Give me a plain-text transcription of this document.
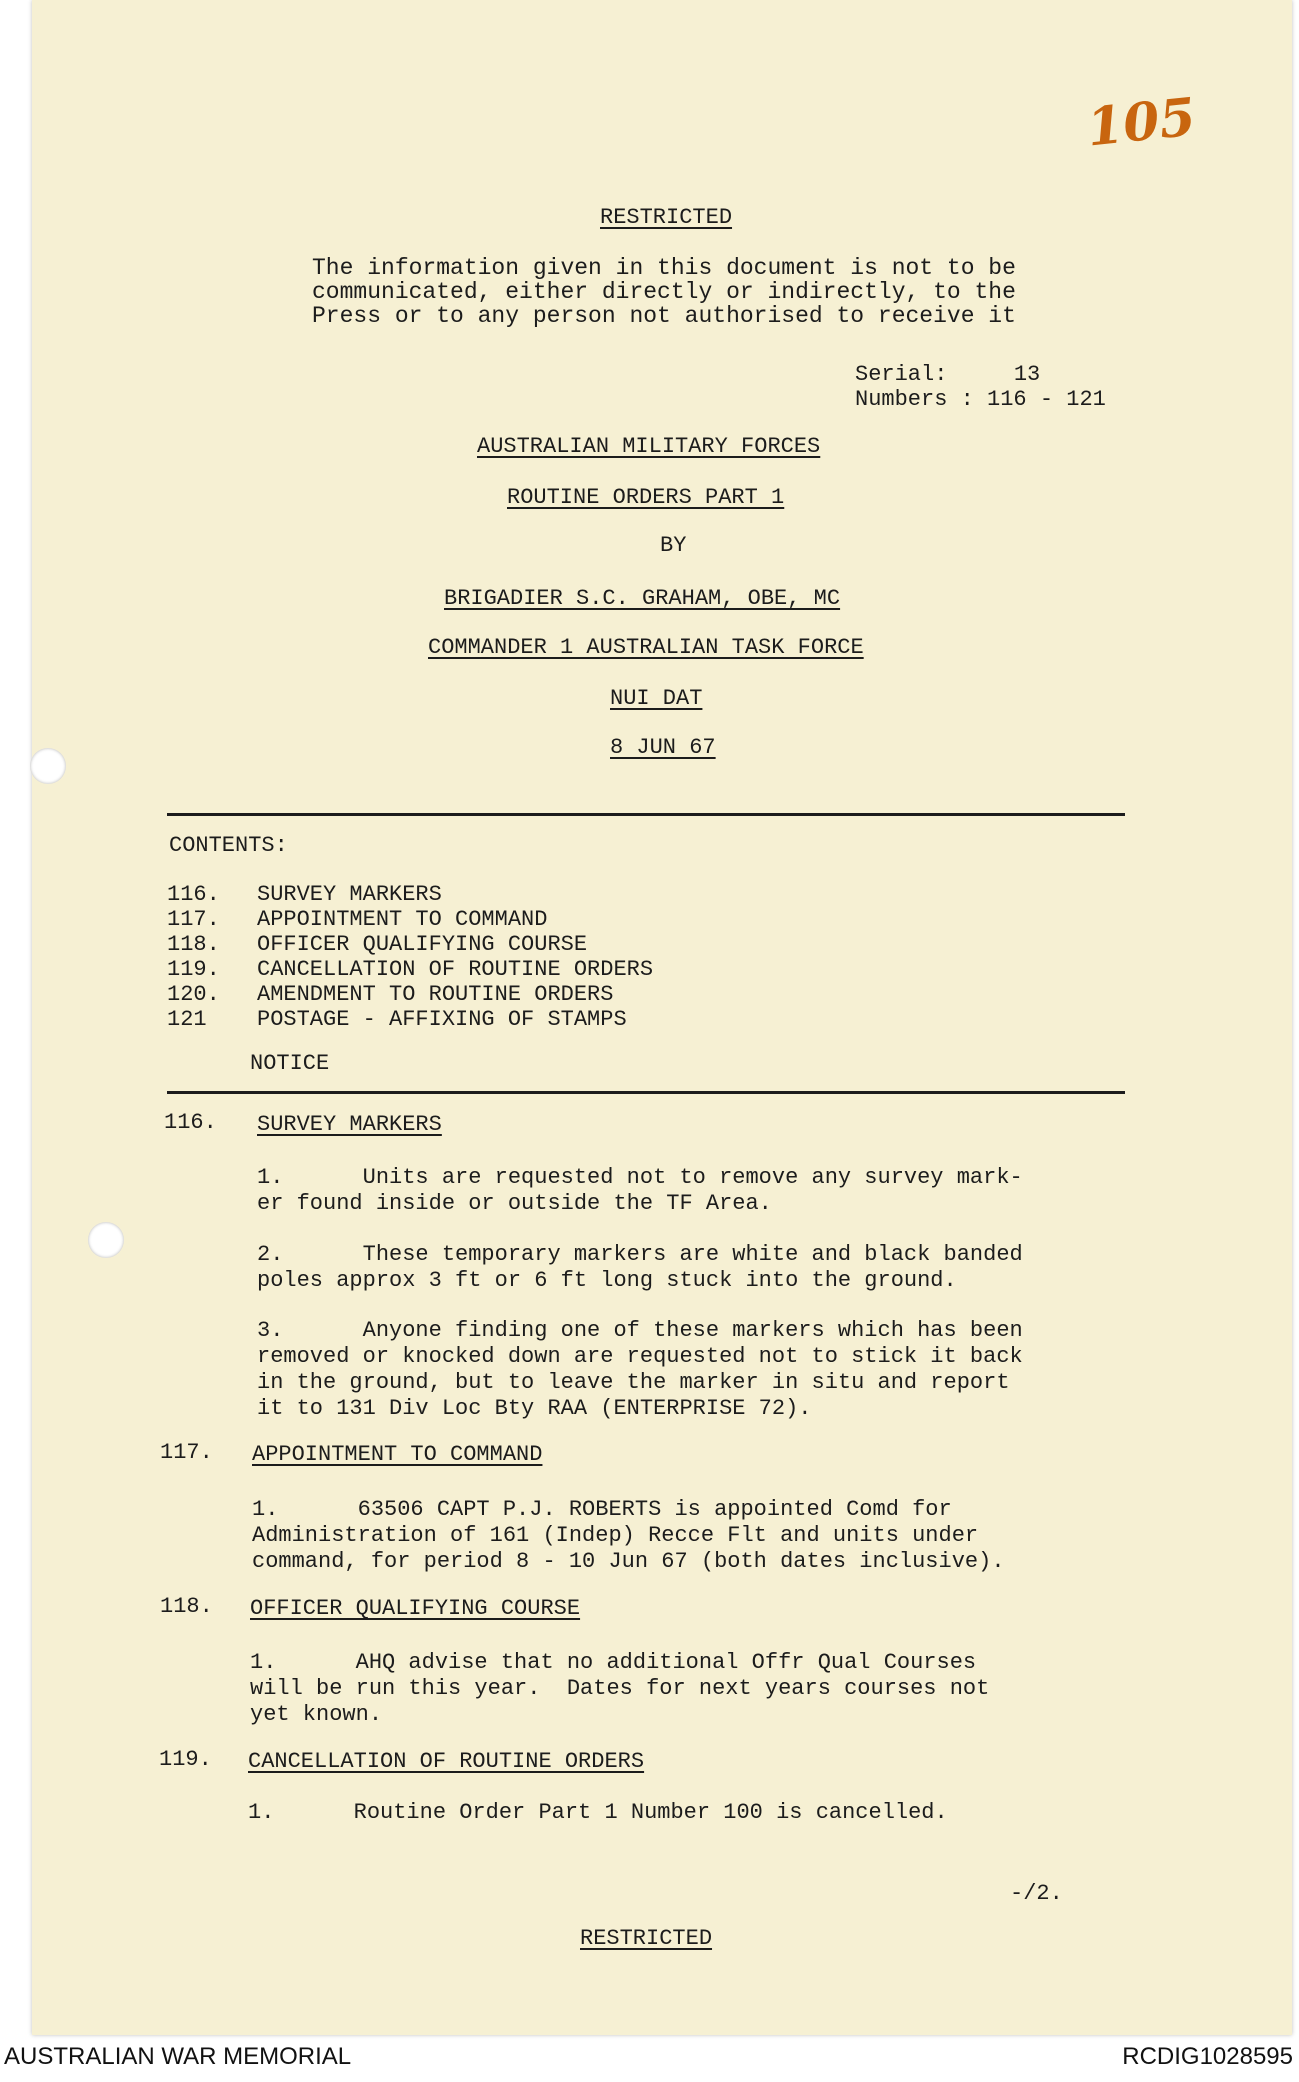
105
RESTRICTED
The information given in this document is not to be
communicated, either directly or indirectly, to the
Press or to any person not authorised to receive it
Serial:	13
Numbers : 116 - 121
AUSTRALIAN MILITARY FORCES
ROUTINE ORDERS PART 1
BY
BRIGADIER S.C. GRAHAM, OBE, MC
COMMANDER 1 AUSTRALIAN TASK FORCE
NUI DAT
8 JUN 67
CONTENTS:
116.	SURVEY MARKERS
117.	APPOINTMENT TO COMMAND
118.	OFFICER QUALIFYING COURSE
119.	CANCELLATION OF ROUTINE ORDERS
120.	AMENDMENT TO ROUTINE ORDERS
121	POSTAGE - AFFIXING OF STAMPS
NOTICE
116. SURVEY MARKERS
1.      Units are requested not to remove any survey mark-
er found inside or outside the TF Area.
2.      These temporary markers are white and black banded
poles approx 3 ft or 6 ft long stuck into the ground.
3.      Anyone finding one of these markers which has been
removed or knocked down are requested not to stick it back
in the ground, but to leave the marker in situ and report
it to 131 Div Loc Bty RAA (ENTERPRISE 72).
117. APPOINTMENT TO COMMAND
1.      63506 CAPT P.J. ROBERTS is appointed Comd for
Administration of 161 (Indep) Recce Flt and units under
command, for period 8 - 10 Jun 67 (both dates inclusive).
118. OFFICER QUALIFYING COURSE
1.      AHQ advise that no additional Offr Qual Courses
will be run this year.  Dates for next years courses not
yet known.
119. CANCELLATION OF ROUTINE ORDERS
1.      Routine Order Part 1 Number 100 is cancelled.
-/2.
RESTRICTED
AUSTRALIAN WAR MEMORIAL	RCDIG1028595
